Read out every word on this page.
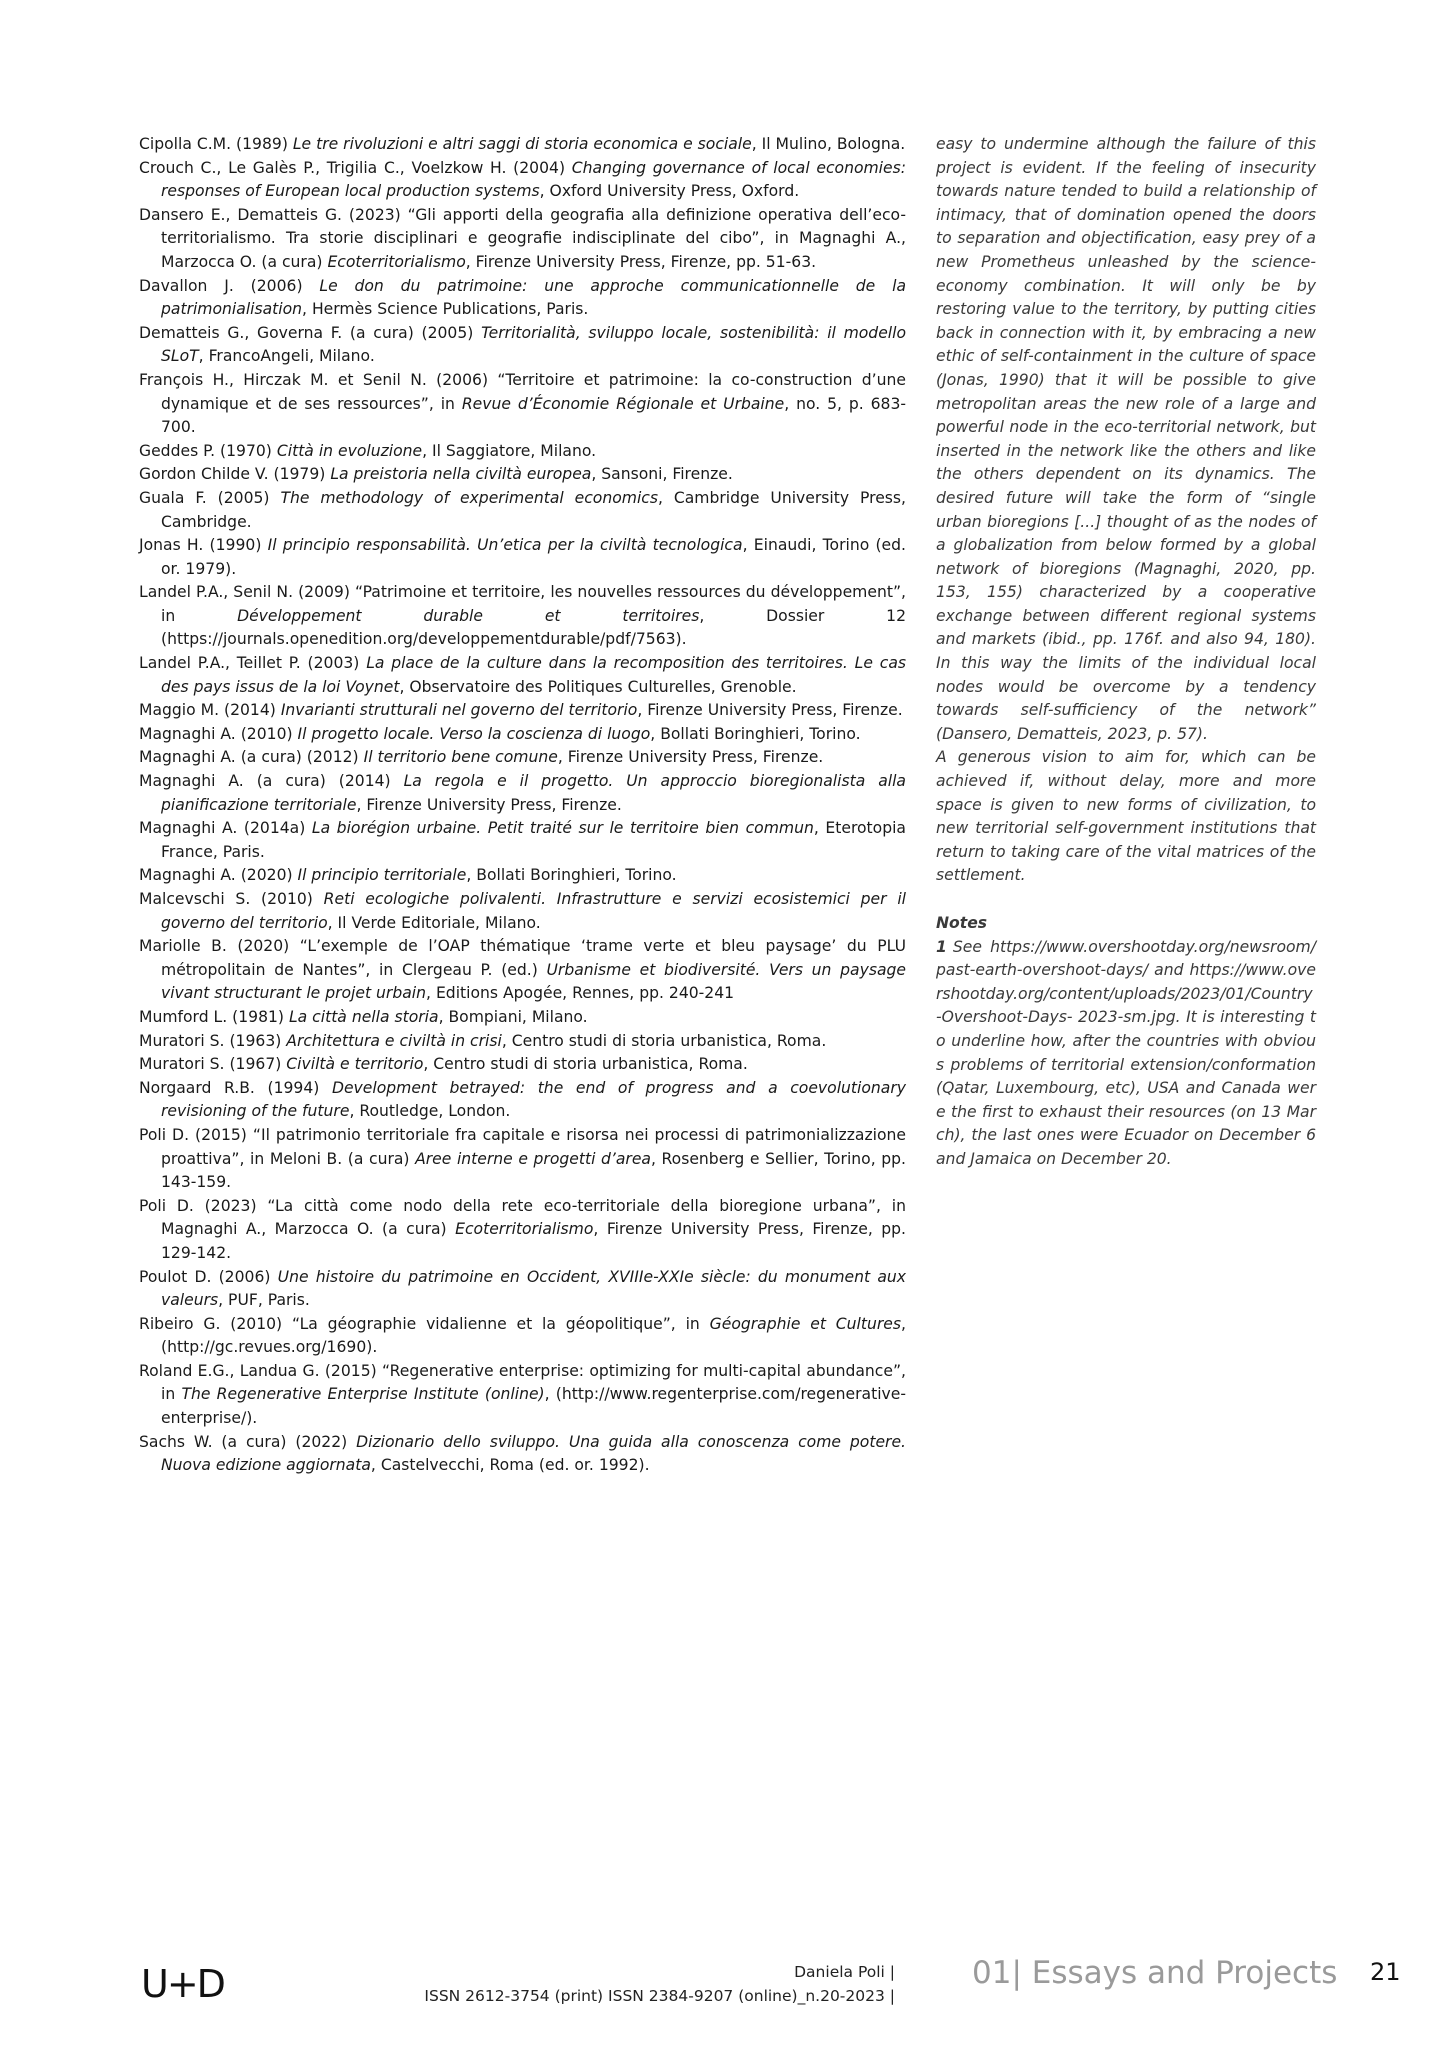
Cipolla C.M. (1989) Le tre rivoluzioni e altri saggi di storia economica e sociale, Il Mulino, Bologna.

Crouch C., Le Galès P., Trigilia C., Voelzkow H. (2004) Changing governance of local economies: responses of European local production systems, Oxford University Press, Oxford.

Dansero E., Dematteis G. (2023) “Gli apporti della geografia alla definizione operativa dell’eco-territorialismo. Tra storie disciplinari e geografie indisciplinate del cibo”, in Magnaghi A., Marzocca O. (a cura) Ecoterritorialismo, Firenze University Press, Firenze, pp. 51-63.

Davallon J. (2006) Le don du patrimoine: une approche communicationnelle de la patrimonialisation, Hermès Science Publications, Paris.

Dematteis G., Governa F. (a cura) (2005) Territorialità, sviluppo locale, sostenibilità: il modello SLoT, FrancoAngeli, Milano.

François H., Hirczak M. et Senil N. (2006) “Territoire et patrimoine: la co-construction d’une dynamique et de ses ressources”, in Revue d’Économie Régionale et Urbaine, no. 5, p. 683-700.

Geddes P. (1970) Città in evoluzione, Il Saggiatore, Milano.

Gordon Childe V. (1979) La preistoria nella civiltà europea, Sansoni, Firenze.

Guala F. (2005) The methodology of experimental economics, Cambridge University Press, Cambridge.

Jonas H. (1990) Il principio responsabilità. Un’etica per la civiltà tecnologica, Einaudi, Torino (ed. or. 1979).

Landel P.A., Senil N. (2009) “Patrimoine et territoire, les nouvelles ressources du développement”, in Développement durable et territoires, Dossier 12 (https://journals.openedition.org/developpementdurable/pdf/7563).

Landel P.A., Teillet P. (2003) La place de la culture dans la recomposition des territoires. Le cas des pays issus de la loi Voynet, Observatoire des Politiques Culturelles, Grenoble.

Maggio M. (2014) Invarianti strutturali nel governo del territorio, Firenze University Press, Firenze.

Magnaghi A. (2010) Il progetto locale. Verso la coscienza di luogo, Bollati Boringhieri, Torino.

Magnaghi A. (a cura) (2012) Il territorio bene comune, Firenze University Press, Firenze.

Magnaghi A. (a cura) (2014) La regola e il progetto. Un approccio bioregionalista alla pianificazione territoriale, Firenze University Press, Firenze.

Magnaghi A. (2014a) La biorégion urbaine. Petit traité sur le territoire bien commun, Eterotopia France, Paris.

Magnaghi A. (2020) Il principio territoriale, Bollati Boringhieri, Torino.

Malcevschi S. (2010) Reti ecologiche polivalenti. Infrastrutture e servizi ecosistemici per il governo del territorio, Il Verde Editoriale, Milano.

Mariolle B. (2020) “L’exemple de l’OAP thématique ‘trame verte et bleu paysage’ du PLU métropolitain de Nantes”, in Clergeau P. (ed.) Urbanisme et biodiversité. Vers un paysage vivant structurant le projet urbain, Editions Apogée, Rennes, pp. 240-241

Mumford L. (1981) La città nella storia, Bompiani, Milano.

Muratori S. (1963) Architettura e civiltà in crisi, Centro studi di storia urbanistica, Roma.

Muratori S. (1967) Civiltà e territorio, Centro studi di storia urbanistica, Roma.

Norgaard R.B. (1994) Development betrayed: the end of progress and a coevolutionary revisioning of the future, Routledge, London.

Poli D. (2015) “Il patrimonio territoriale fra capitale e risorsa nei processi di patrimonializzazione proattiva”, in Meloni B. (a cura) Aree interne e progetti d’area, Rosenberg e Sellier, Torino, pp. 143-159.

Poli D. (2023) “La città come nodo della rete eco-territoriale della bioregione urbana”, in Magnaghi A., Marzocca O. (a cura) Ecoterritorialismo, Firenze University Press, Firenze, pp. 129-142.

Poulot D. (2006) Une histoire du patrimoine en Occident, XVIIIe-XXIe siècle: du monument aux valeurs, PUF, Paris.

Ribeiro G. (2010) “La géographie vidalienne et la géopolitique”, in Géographie et Cultures, (http://gc.revues.org/1690).

Roland E.G., Landua G. (2015) “Regenerative enterprise: optimizing for multi-capital abundance”, in The Regenerative Enterprise Institute (online), (http://www.regenterprise.com/regenerative-enterprise/).

Sachs W. (a cura) (2022) Dizionario dello sviluppo. Una guida alla conoscenza come potere. Nuova edizione aggiornata, Castelvecchi, Roma (ed. or. 1992).

easy to undermine although the failure of this project is evident. If the feeling of insecurity towards nature tended to build a relationship of intimacy, that of domination opened the doors to separation and objectification, easy prey of a new Prometheus unleashed by the science-economy combination. It will only be by restoring value to the territory, by putting cities back in connection with it, by embracing a new ethic of self-containment in the culture of space (Jonas, 1990) that it will be possible to give metropolitan areas the new role of a large and powerful node in the eco-territorial network, but inserted in the network like the others and like the others dependent on its dynamics. The desired future will take the form of “single urban bioregions [...] thought of as the nodes of a globalization from below formed by a global network of bioregions (Magnaghi, 2020, pp. 153, 155) characterized by a cooperative exchange between different regional systems and markets (ibid., pp. 176f. and also 94, 180). In this way the limits of the individual local nodes would be overcome by a tendency towards self-sufficiency of the network” (Dansero, Dematteis, 2023, p. 57).

A generous vision to aim for, which can be achieved if, without delay, more and more space is given to new forms of civilization, to new territorial self-government institutions that return to taking care of the vital matrices of the settlement.

Notes

1 See https://www.overshootday.org/newsroom/past-earth-overshoot-days/ and https://www.overshootday.org/content/uploads/2023/01/Country-Overshoot-Days- 2023-sm.jpg. It is interesting to underline how, after the countries with obvious problems of territorial extension/conformation (Qatar, Luxembourg, etc), USA and Canada were the first to exhaust their resources (on 13 March), the last ones were Ecuador on December 6 and Jamaica on December 20.

U+D	Daniela Poli |
ISSN 2612-3754 (print) ISSN 2384-9207 (online)_n.20-2023 |
01| Essays and Projects 21
